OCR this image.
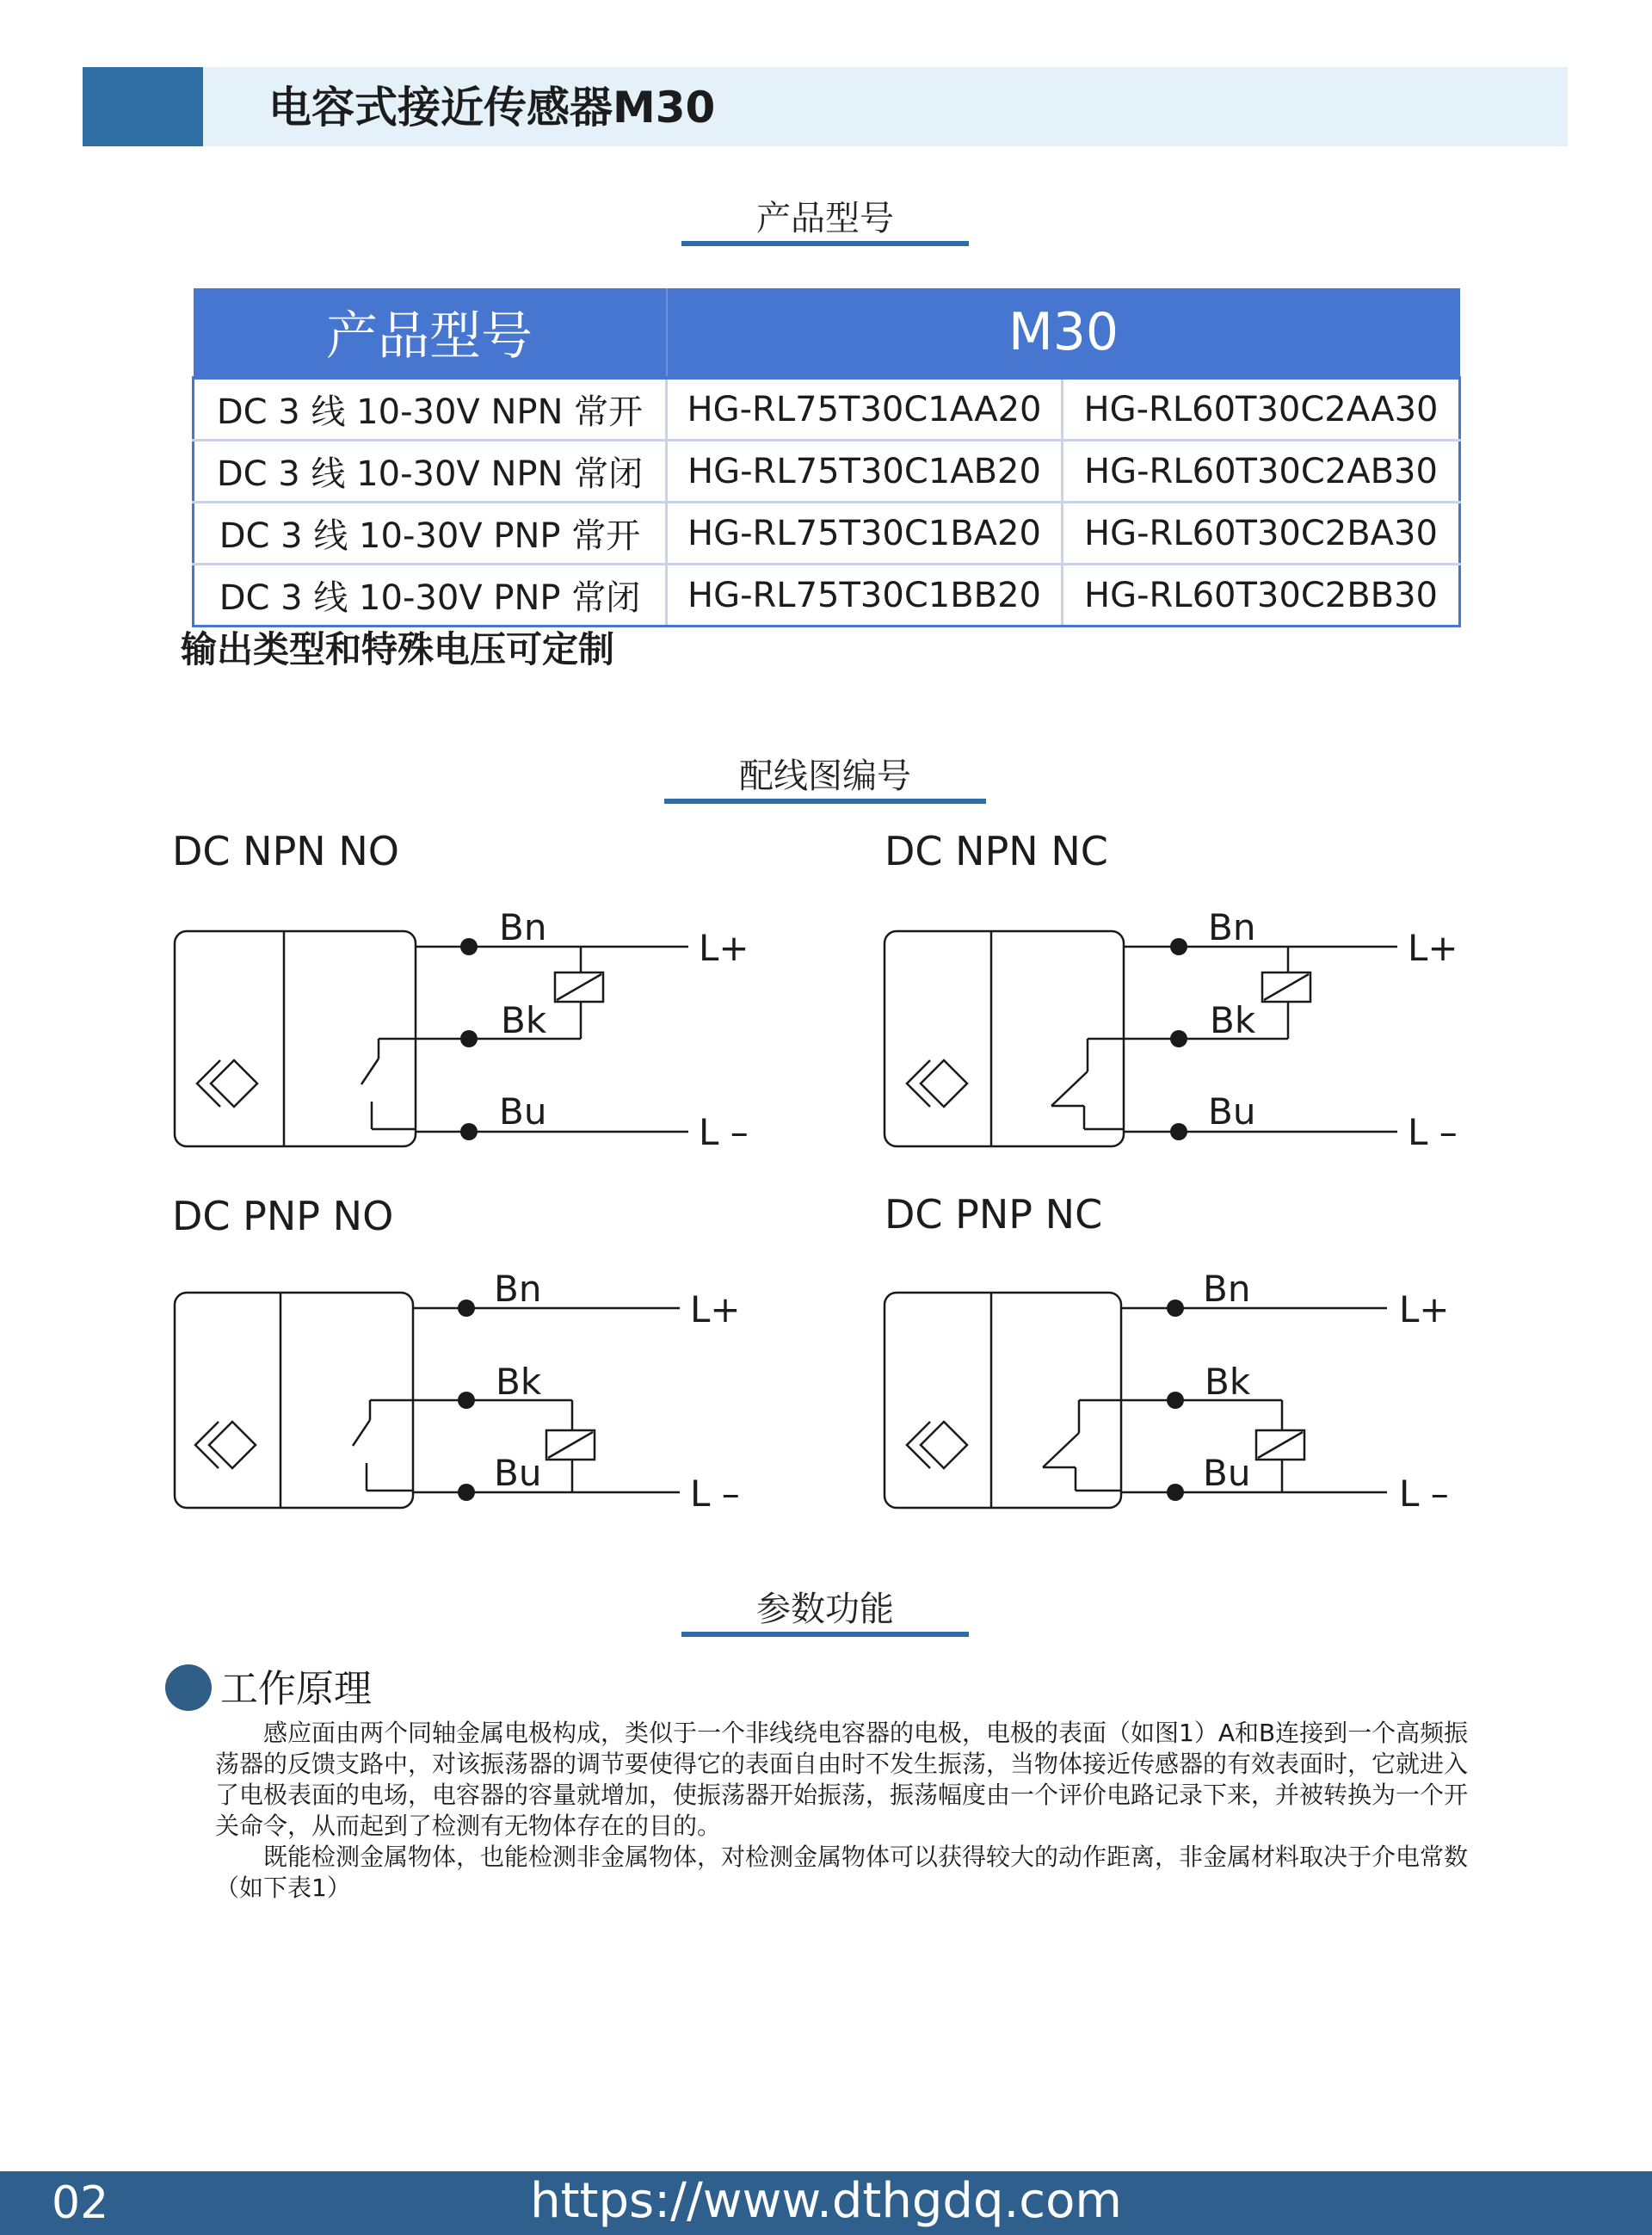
电容式接近传感器M30
产品型号
产品型号	M30	
DC 3 线 10-30V NPN 常开	HG-RL75T30C1AA20	HG-RL60T30C2AA30
DC 3 线 10-30V NPN 常闭	HG-RL75T30C1AB20	HG-RL60T30C2AB30
DC 3 线 10-30V PNP 常开	HG-RL75T30C1BA20	HG-RL60T30C2BA30
DC 3 线 10-30V PNP 常闭	HG-RL75T30C1BB20	HG-RL60T30C2BB30
输出类型和特殊电压可定制
配线图编号
DC NPN NO	DC NPN NC
DC PNP NO	DC PNP NC
Bn
Bk
Bu
L+
L –
Bn
Bk
Bu
L+
L –
Bn
Bk
Bu
L+
L –
Bn
Bk
Bu
L+
L –
参数功能
工作原理
感应面由两个同轴金属电极构成，类似于一个非线绕电容器的电极，电极的表面（如图1）A和B连接到一个高频振荡器的反馈支路中，对该振荡器的调节要使得它的表面自由时不发生振荡，当物体接近传感器的有效表面时，它就进入了电极表面的电场，电容器的容量就增加，使振荡器开始振荡，振荡幅度由一个评价电路记录下来，并被转换为一个开关命令，从而起到了检测有无物体存在的目的。
既能检测金属物体，也能检测非金属物体，对检测金属物体可以获得较大的动作距离，非金属材料取决于介电常数（如下表1）
02	https://www.dthgdq.com
